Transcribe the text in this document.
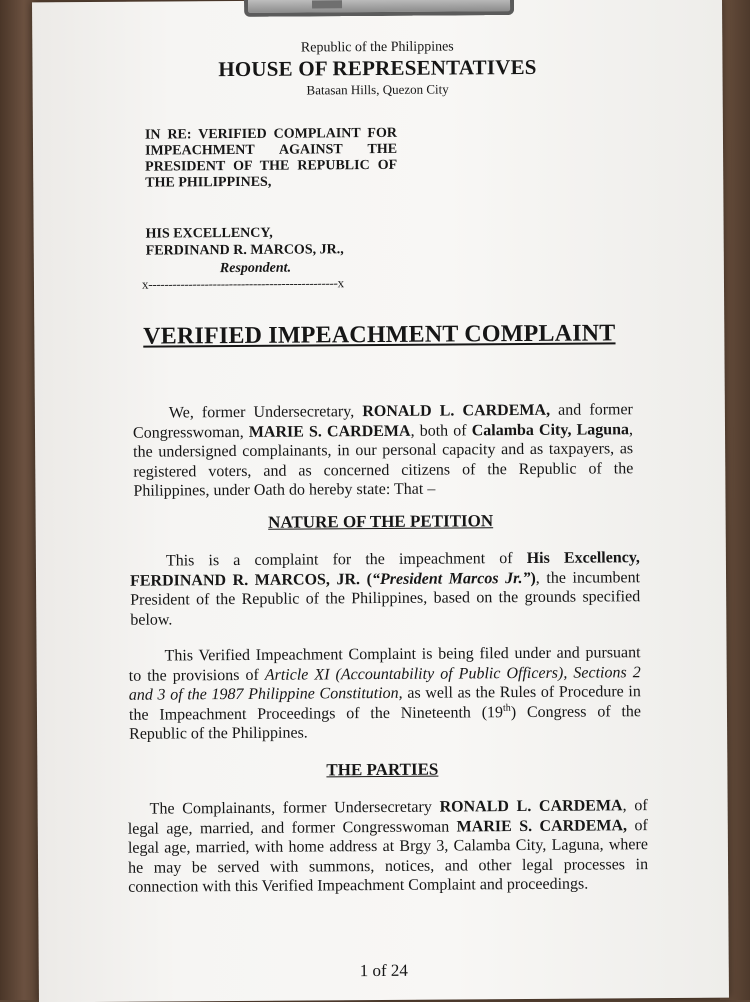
Republic of the Philippines
HOUSE OF REPRESENTATIVES
Batasan Hills, Quezon City
IN RE: VERIFIED COMPLAINT FOR IMPEACHMENT AGAINST THE PRESIDENT OF THE REPUBLIC OF THE PHILIPPINES,
HIS EXCELLENCY,
FERDINAND R. MARCOS, JR.,
Respondent.
x-----------------------------------------------x
VERIFIED IMPEACHMENT COMPLAINT
We, former Undersecretary, RONALD L. CARDEMA, and former Congresswoman, MARIE S. CARDEMA, both of Calamba City, Laguna, the undersigned complainants, in our personal capacity and as taxpayers, as registered voters, and as concerned citizens of the Republic of the Philippines, under Oath do hereby state: That –
NATURE OF THE PETITION
This is a complaint for the impeachment of His Excellency, FERDINAND R. MARCOS, JR. (“President Marcos Jr.”), the incumbent President of the Republic of the Philippines, based on the grounds specified below.
This Verified Impeachment Complaint is being filed under and pursuant to the provisions of Article XI (Accountability of Public Officers), Sections 2 and 3 of the 1987 Philippine Constitution, as well as the Rules of Procedure in the Impeachment Proceedings of the Nineteenth (19th) Congress of the Republic of the Philippines.
THE PARTIES
The Complainants, former Undersecretary RONALD L. CARDEMA, of legal age, married, and former Congresswoman MARIE S. CARDEMA, of legal age, married, with home address at Brgy 3, Calamba City, Laguna, where he may be served with summons, notices, and other legal processes in connection with this Verified Impeachment Complaint and proceedings.
1 of 24
